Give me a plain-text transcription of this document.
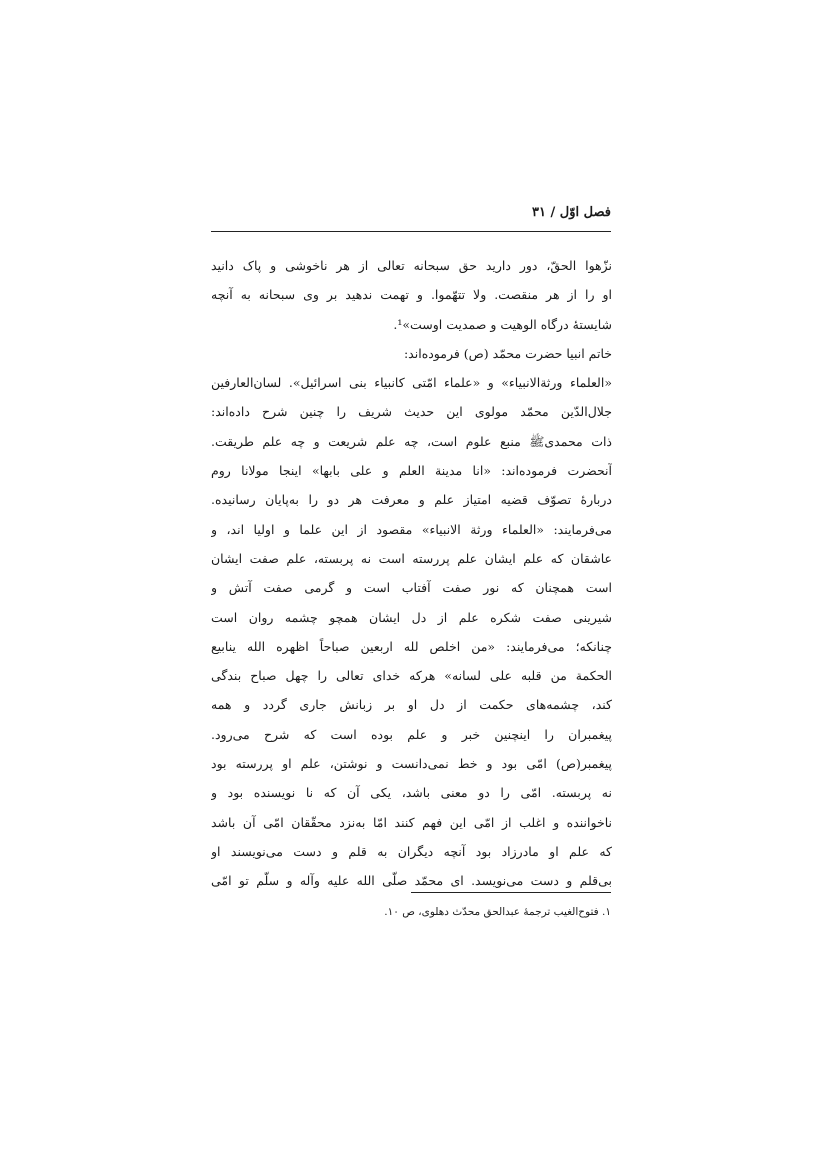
فصل اوّل / ۳۱
نزّهوا الحقّ، دور دارید حق سبحانه تعالی از هر ناخوشی و پاک دانید
او را از هر منقصت. ولا تتهّموا. و تهمت ندهید بر وی سبحانه به آنچه
شایستهٔ درگاه الوهیت و صمدیت اوست»¹.
خاتم انبیا حضرت محمّد (ص) فرموده‌اند:
«العلماء ورثة‌الانبیاء» و «علماء امّتی کانبیاء بنی اسرائیل». لسان‌العارفین
جلال‌الدّین محمّد مولوی این حدیث شریف را چنین شرح داده‌اند:
ذات محمدیﷺ منبع علوم است، چه علم شریعت و چه علم طریقت.
آنحضرت فرموده‌اند: «انا مدینة العلم و علی بابها» اینجا مولانا روم
دربارهٔ تصوّف قضیه امتیاز علم و معرفت هر دو را به‌پایان رسانیده.
می‌فرمایند: «العلماء ورثة الانبیاء» مقصود از این علما و اولیا اند، و
عاشقان که علم ایشان علم پررسته است نه پربسته، علم صفت ایشان
است همچنان که نور صفت آفتاب است و گرمی صفت آتش و
شیرینی صفت شکره علم از دل ایشان همچو چشمه روان است
چنانکه؛ می‌فرمایند: «من اخلص لله اربعین صباحاً اظهره الله ینابیع
الحکمة من قلبه علی لسانه» هرکه خدای تعالی را چهل صباح بندگی
کند، چشمه‌های حکمت از دل او بر زبانش جاری گردد و همه
پیغمبران را اینچنین خبر و علم بوده است که شرح می‌رود.
پیغمبر(ص) امّی بود و خط نمی‌دانست و نوشتن، علم او پررسته بود
نه پربسته. امّی را دو معنی باشد، یکی آن که نا نویسنده بود و
ناخواننده و اغلب از امّی این فهم کنند امّا به‌نزد محقّقان امّی آن باشد
که علم او مادرزاد بود آنچه دیگران به قلم و دست می‌نویسند او
بی‌قلم و دست می‌نویسد. ای محمّد صلّی الله علیه وآله و سلّم تو امّی
۱. فتوح‌الغیب ترجمهٔ عبدالحق محدّث دهلوی، ص ۱۰.
